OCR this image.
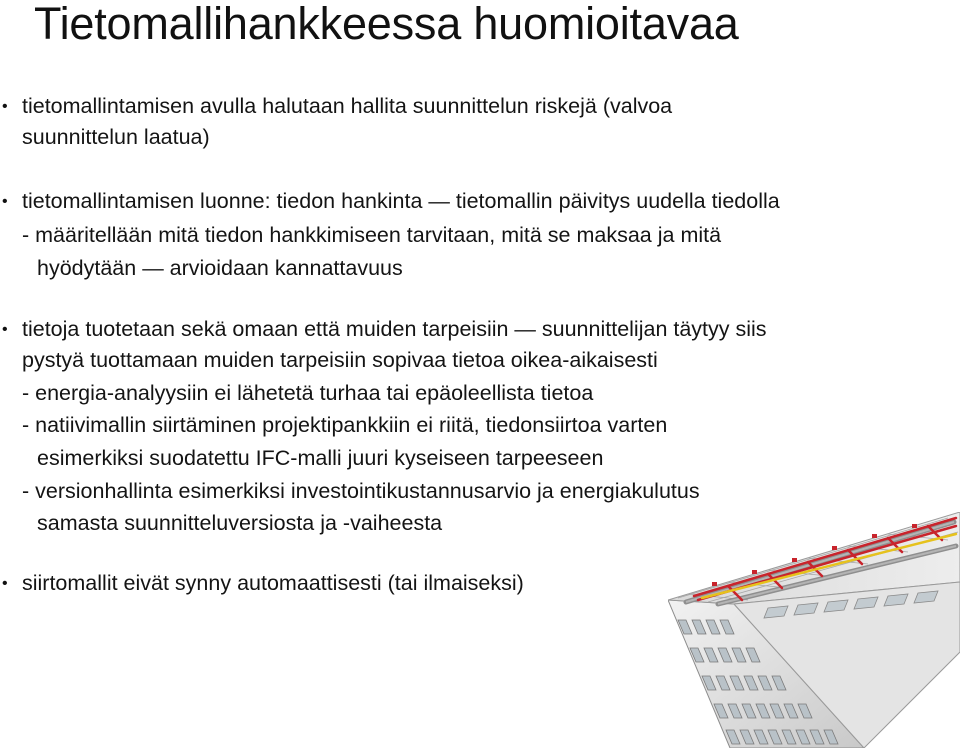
Tietomallihankkeessa huomioitavaa
• tietomallintamisen avulla halutaan hallita suunnittelun riskejä (valvoa
suunnittelun laatua)
• tietomallintamisen luonne: tiedon hankinta — tietomallin päivitys uudella tiedolla
- määritellään mitä tiedon hankkimiseen tarvitaan, mitä se maksaa ja mitä
hyödytään — arvioidaan kannattavuus
• tietoja tuotetaan sekä omaan että muiden tarpeisiin — suunnittelijan täytyy siis
pystyä tuottamaan muiden tarpeisiin sopivaa tietoa oikea-aikaisesti
- energia-analyysiin ei lähetetä turhaa tai epäoleellista tietoa
- natiivimallin siirtäminen projektipankkiin ei riitä, tiedonsiirtoa varten
esimerkiksi suodatettu IFC-malli juuri kyseiseen tarpeeseen
- versionhallinta esimerkiksi investointikustannusarvio ja energiakulutus
samasta suunnitteluversiosta ja -vaiheesta
• siirtomallit eivät synny automaattisesti (tai ilmaiseksi)
